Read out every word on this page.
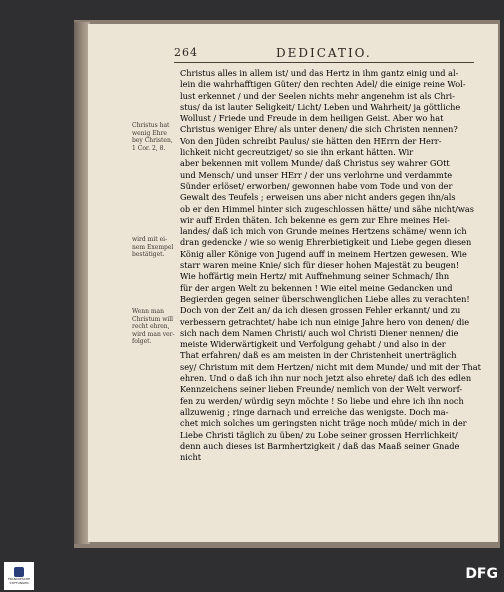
264	DEDICATIO.
Christus alles in allem ist/ und das Hertz in ihm gantz einig und al-
lein die wahrhafftigen Güter/ den rechten Adel/ die einige reine Wol-
lust erkennet / und der Seelen nichts mehr angenehm ist als Chri-
stus/ da ist lauter Seligkeit/ Licht/ Leben und Wahrheit/ ja göttliche
Wollust / Friede und Freude in dem heiligen Geist. Aber wo hat
Christus weniger Ehre/ als unter denen/ die sich Christen nennen?
Von den Jüden schreibt Paulus/ sie hätten den HErrn der Herr-
lichkeit nicht gecreutziget/ so sie ihn erkant hätten. Wir
aber bekennen mit vollem Munde/ daß Christus sey wahrer GOtt
und Mensch/ und unser HErr / der uns verlohrne und verdammte
Sünder erlöset/ erworben/ gewonnen habe vom Tode und von der
Gewalt des Teufels ; erweisen uns aber nicht anders gegen ihn/als
ob er den Himmel hinter sich zugeschlossen hätte/ und sähe nicht/was
wir auff Erden thäten. Ich bekenne es gern zur Ehre meines Hei-
landes/ daß ich mich von Grunde meines Hertzens schäme/ wenn ich
dran gedencke / wie so wenig Ehrerbietigkeit und Liebe gegen diesen
König aller Könige von Jugend auff in meinem Hertzen gewesen. Wie
starr waren meine Knie/ sich für dieser hohen Majestät zu beugen!
Wie hoffärtig mein Hertz/ mit Auffnehmung seiner Schmach/ Ihn
für der argen Welt zu bekennen ! Wie eitel meine Gedancken und
Begierden gegen seiner überschwenglichen Liebe alles zu verachten!
Doch von der Zeit an/ da ich diesen grossen Fehler erkannt/ und zu
verbessern getrachtet/ habe ich nun einige Jahre hero von denen/ die
sich nach dem Namen Christi/ auch wol Christi Diener nennen/ die
meiste Widerwärtigkeit und Verfolgung gehabt / und also in der
That erfahren/ daß es am meisten in der Christenheit unerträglich
sey/ Christum mit dem Hertzen/ nicht mit dem Munde/ und mit der That
ehren. Und o daß ich ihn nur noch jetzt also ehrete/ daß ich des edlen
Kennzeichens seiner lieben Freunde/ nemlich von der Welt verworf-
fen zu werden/ würdig seyn möchte ! So liebe und ehre ich ihn noch
allzuwenig ; ringe darnach und erreiche das wenigste. Doch ma-
chet mich solches um geringsten nicht träge noch müde/ mich in der
Liebe Christi täglich zu üben/ zu Lobe seiner grossen Herrlichkeit/
denn auch dieses ist Barmhertzigkeit / daß das Maaß seiner Gnade
nicht
Christus hat wenig Ehre bey Christen, 1 Cor. 2, 8.
wird mit ei-nem Exempel bestätiget.
Wenn man Christum will recht ehren, wird man ver-folget.
FRANCKESCHE STIFTUNGEN
DFG
